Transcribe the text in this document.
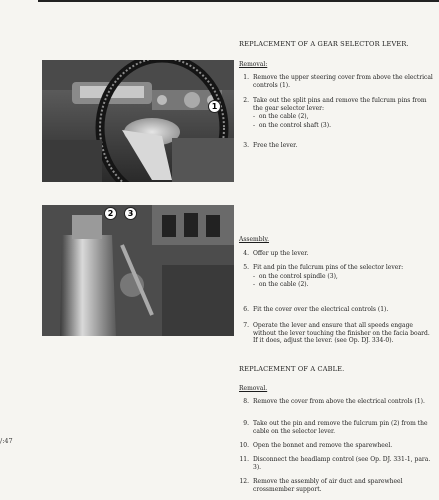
1
2	3
REPLACEMENT OF A GEAR SELECTOR LEVER.
Removal:
1. Remove the upper steering cover from above the electrical controls (1).
2. Take out the split pins and remove the fulcrum pins from the gear selector lever:
-  on the cable (2),
-  on the control shaft (3).
3. Free the lever.
Assembly.
4. Offer up the lever.
5. Fit and pin the fulcrum pins of the selector lever:
-  on the control spindle (3),
-  on the cable (2).
6. Fit the cover over the electrical controls (1).
7. Operate the lever and ensure that all speeds engage without the lever touching the finisher on the facia board. If it does, adjust the lever. (see Op. DJ. 334-0).
REPLACEMENT OF A CABLE.
Removal.
8. Remove the cover from above the electrical controls (1).
9. Take out the pin and remove the fulcrum pin (2) from the cable on the selector lever.
10. Open the bonnet and remove the sparewheel.
11. Disconnect the headlamp control (see Op. DJ. 331-1, para. 3).
12. Remove the assembly of air duct and sparewheel crossmember support.
/:47
